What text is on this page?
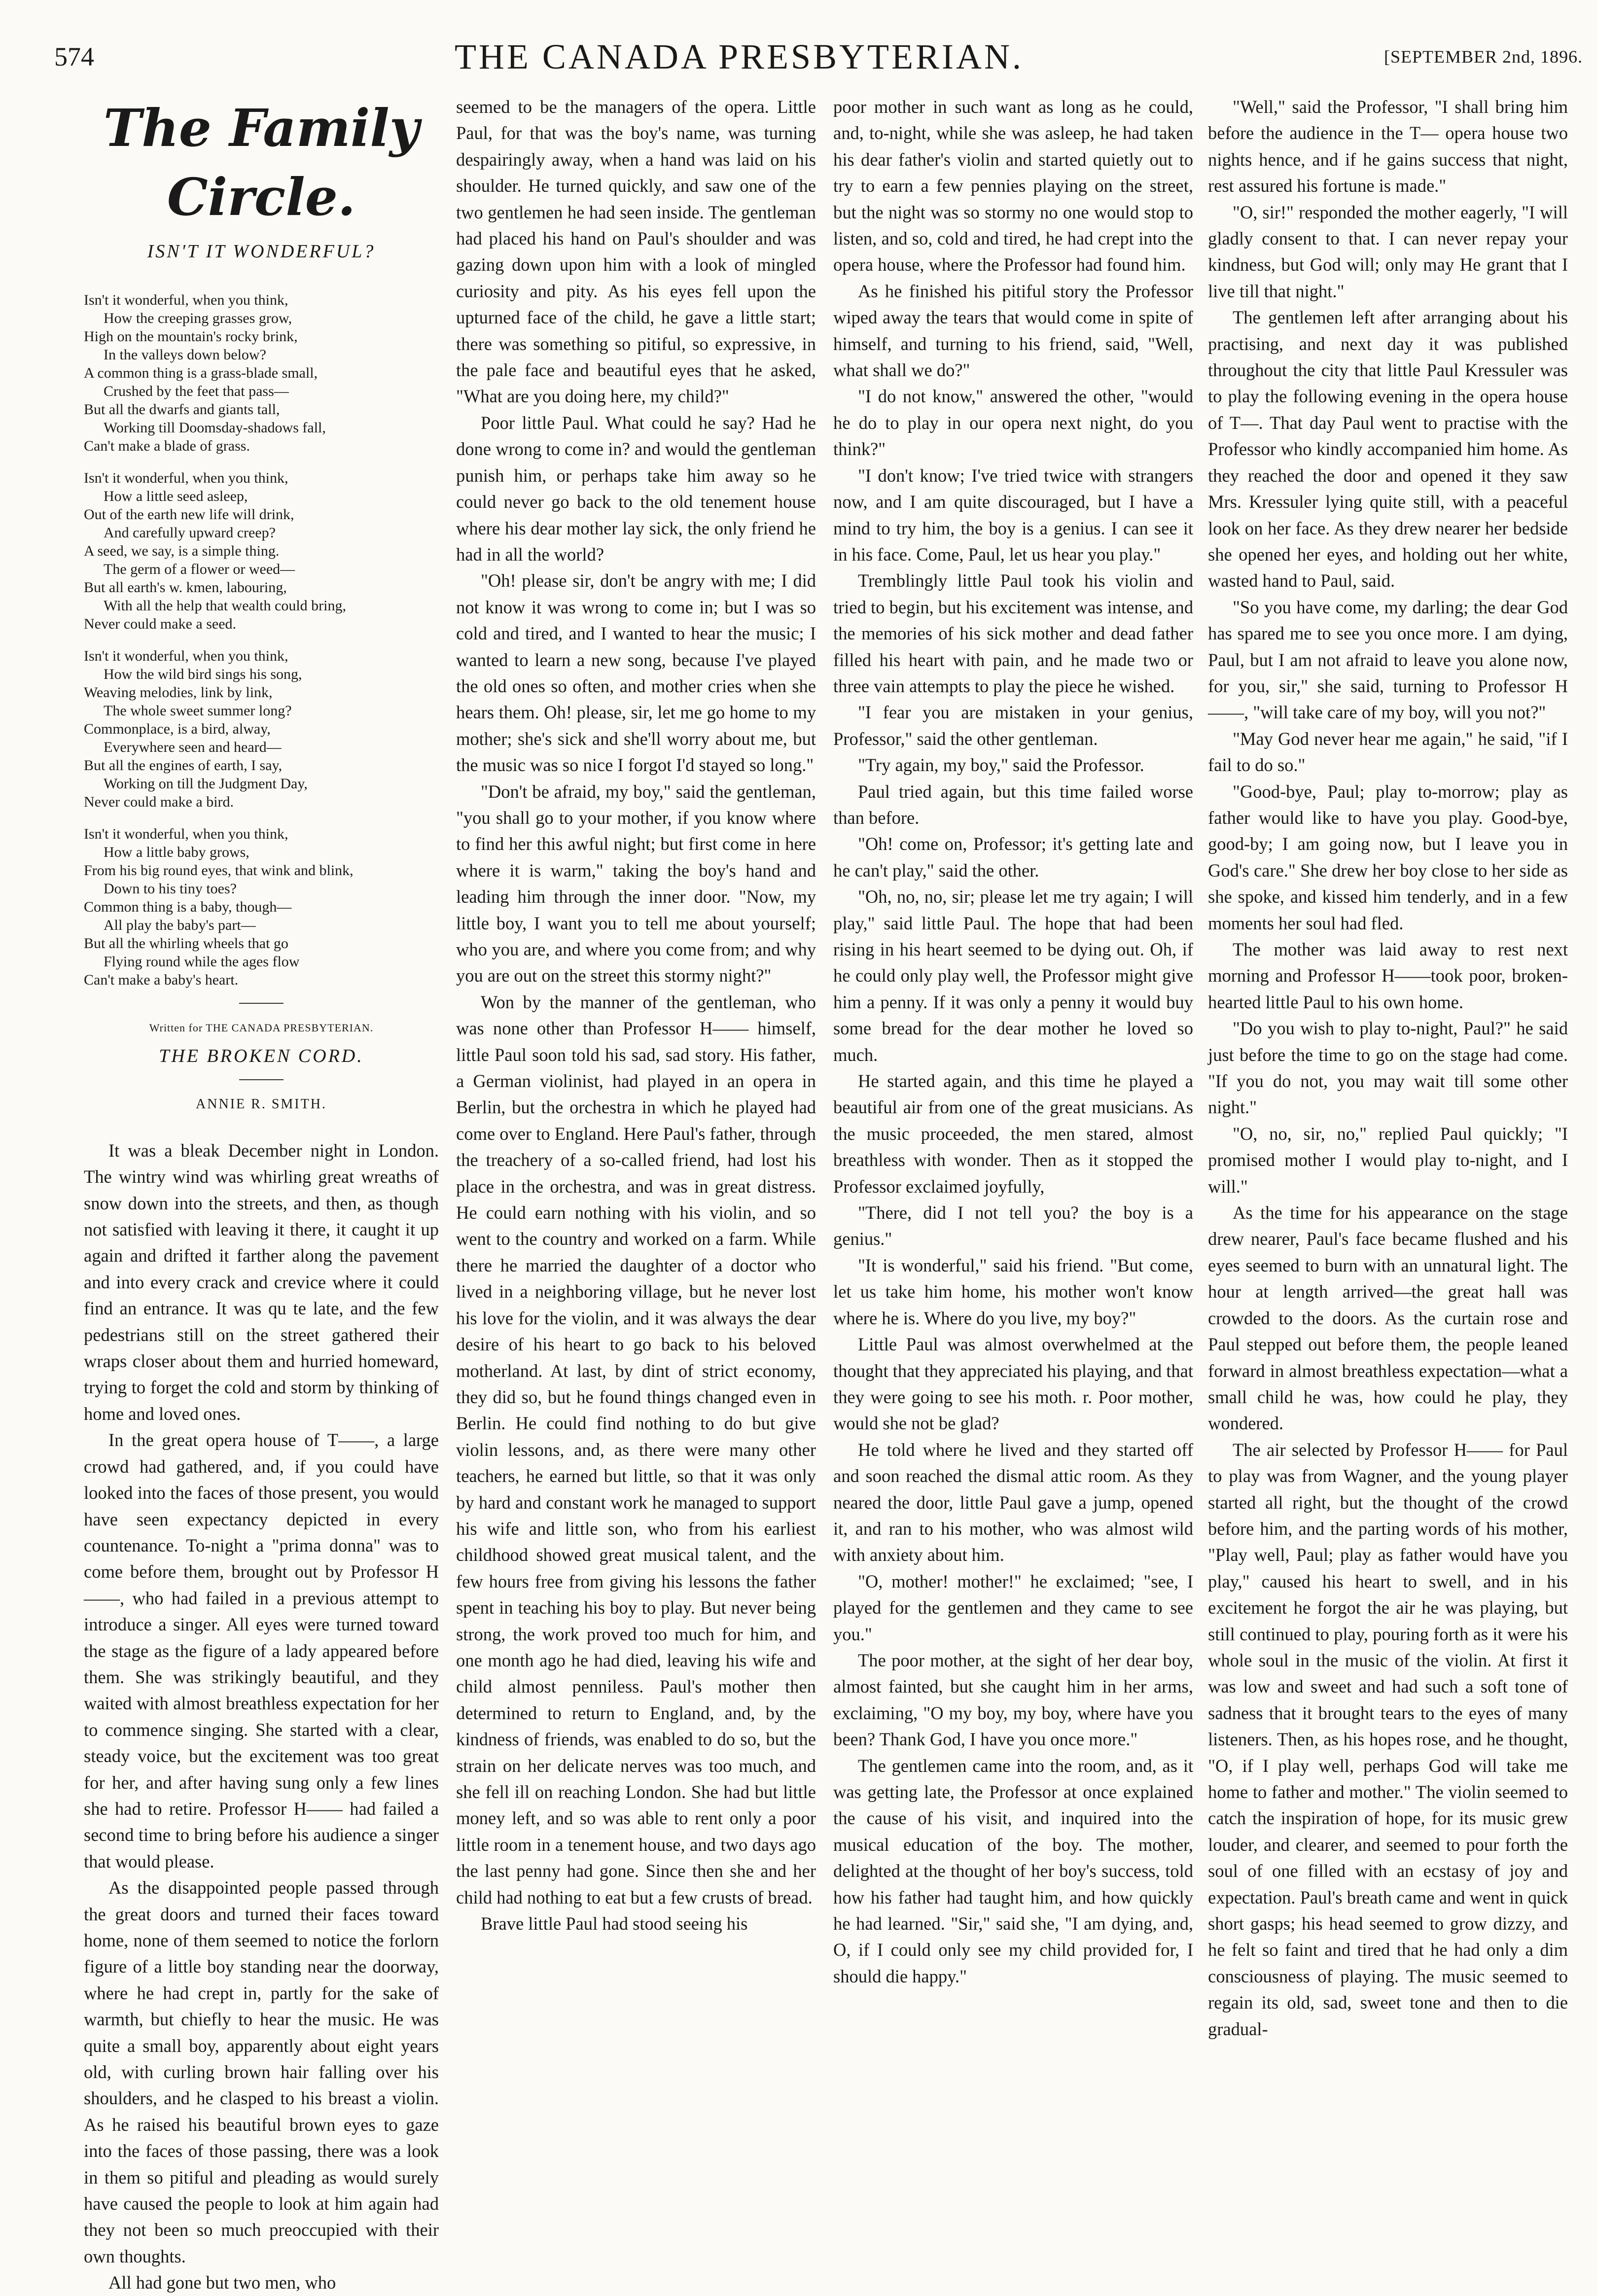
574	THE CANADA PRESBYTERIAN.	[SEPTEMBER 2nd, 1896.
The Family Circle.
ISN'T IT WONDERFUL?
Isn't it wonderful, when you think,
How the creeping grasses grow,
High on the mountain's rocky brink,
In the valleys down below?
A common thing is a grass-blade small,
Crushed by the feet that pass—
But all the dwarfs and giants tall,
Working till Doomsday-shadows fall,
Can't make a blade of grass.
Isn't it wonderful, when you think,
How a little seed asleep,
Out of the earth new life will drink,
And carefully upward creep?
A seed, we say, is a simple thing.
The germ of a flower or weed—
But all earth's w. kmen, labouring,
With all the help that wealth could bring,
Never could make a seed.
Isn't it wonderful, when you think,
How the wild bird sings his song,
Weaving melodies, link by link,
The whole sweet summer long?
Commonplace, is a bird, alway,
Everywhere seen and heard—
But all the engines of earth, I say,
Working on till the Judgment Day,
Never could make a bird.
Isn't it wonderful, when you think,
How a little baby grows,
From his big round eyes, that wink and blink,
Down to his tiny toes?
Common thing is a baby, though—
All play the baby's part—
But all the whirling wheels that go
Flying round while the ages flow
Can't make a baby's heart.
Written for THE CANADA PRESBYTERIAN.
THE BROKEN CORD.
ANNIE R. SMITH.

It was a bleak December night in London. The wintry wind was whirling great wreaths of snow down into the streets, and then, as though not satisfied with leaving it there, it caught it up again and drifted it farther along the pavement and into every crack and crevice where it could find an entrance. It was qu te late, and the few pedestrians still on the street gathered their wraps closer about them and hurried homeward, trying to forget the cold and storm by thinking of home and loved ones.

In the great opera house of T——, a large crowd had gathered, and, if you could have looked into the faces of those present, you would have seen expectancy depicted in every countenance. To-night a "prima donna" was to come before them, brought out by Professor H——, who had failed in a previous attempt to introduce a singer. All eyes were turned toward the stage as the figure of a lady appeared before them. She was strikingly beautiful, and they waited with almost breathless expectation for her to commence singing. She started with a clear, steady voice, but the excitement was too great for her, and after having sung only a few lines she had to retire. Professor H—— had failed a second time to bring before his audience a singer that would please.

As the disappointed people passed through the great doors and turned their faces toward home, none of them seemed to notice the forlorn figure of a little boy standing near the doorway, where he had crept in, partly for the sake of warmth, but chiefly to hear the music. He was quite a small boy, apparently about eight years old, with curling brown hair falling over his shoulders, and he clasped to his breast a violin. As he raised his beautiful brown eyes to gaze into the faces of those passing, there was a look in them so pitiful and pleading as would surely have caused the people to look at him again had they not been so much preoccupied with their own thoughts.

All had gone but two men, who

seemed to be the managers of the opera. Little Paul, for that was the boy's name, was turning despairingly away, when a hand was laid on his shoulder. He turned quickly, and saw one of the two gentlemen he had seen inside. The gentleman had placed his hand on Paul's shoulder and was gazing down upon him with a look of mingled curiosity and pity. As his eyes fell upon the upturned face of the child, he gave a little start; there was something so pitiful, so expressive, in the pale face and beautiful eyes that he asked, "What are you doing here, my child?"

Poor little Paul. What could he say? Had he done wrong to come in? and would the gentleman punish him, or perhaps take him away so he could never go back to the old tenement house where his dear mother lay sick, the only friend he had in all the world?

"Oh! please sir, don't be angry with me; I did not know it was wrong to come in; but I was so cold and tired, and I wanted to hear the music; I wanted to learn a new song, because I've played the old ones so often, and mother cries when she hears them. Oh! please, sir, let me go home to my mother; she's sick and she'll worry about me, but the music was so nice I forgot I'd stayed so long."

"Don't be afraid, my boy," said the gentleman, "you shall go to your mother, if you know where to find her this awful night; but first come in here where it is warm," taking the boy's hand and leading him through the inner door. "Now, my little boy, I want you to tell me about yourself; who you are, and where you come from; and why you are out on the street this stormy night?"

Won by the manner of the gentleman, who was none other than Professor H—— himself, little Paul soon told his sad, sad story. His father, a German violinist, had played in an opera in Berlin, but the orchestra in which he played had come over to England. Here Paul's father, through the treachery of a so-called friend, had lost his place in the orchestra, and was in great distress. He could earn nothing with his violin, and so went to the country and worked on a farm. While there he married the daughter of a doctor who lived in a neighboring village, but he never lost his love for the violin, and it was always the dear desire of his heart to go back to his beloved motherland. At last, by dint of strict economy, they did so, but he found things changed even in Berlin. He could find nothing to do but give violin lessons, and, as there were many other teachers, he earned but little, so that it was only by hard and constant work he managed to support his wife and little son, who from his earliest childhood showed great musical talent, and the few hours free from giving his lessons the father spent in teaching his boy to play. But never being strong, the work proved too much for him, and one month ago he had died, leaving his wife and child almost penniless. Paul's mother then determined to return to England, and, by the kindness of friends, was enabled to do so, but the strain on her delicate nerves was too much, and she fell ill on reaching London. She had but little money left, and so was able to rent only a poor little room in a tenement house, and two days ago the last penny had gone. Since then she and her child had nothing to eat but a few crusts of bread.

Brave little Paul had stood seeing his

poor mother in such want as long as he could, and, to-night, while she was asleep, he had taken his dear father's violin and started quietly out to try to earn a few pennies playing on the street, but the night was so stormy no one would stop to listen, and so, cold and tired, he had crept into the opera house, where the Professor had found him.

As he finished his pitiful story the Professor wiped away the tears that would come in spite of himself, and turning to his friend, said, "Well, what shall we do?"

"I do not know," answered the other, "would he do to play in our opera next night, do you think?"

"I don't know; I've tried twice with strangers now, and I am quite discouraged, but I have a mind to try him, the boy is a genius. I can see it in his face. Come, Paul, let us hear you play."

Tremblingly little Paul took his violin and tried to begin, but his excitement was intense, and the memories of his sick mother and dead father filled his heart with pain, and he made two or three vain attempts to play the piece he wished.

"I fear you are mistaken in your genius, Professor," said the other gentleman.

"Try again, my boy," said the Professor.

Paul tried again, but this time failed worse than before.

"Oh! come on, Professor; it's getting late and he can't play," said the other.

"Oh, no, no, sir; please let me try again; I will play," said little Paul. The hope that had been rising in his heart seemed to be dying out. Oh, if he could only play well, the Professor might give him a penny. If it was only a penny it would buy some bread for the dear mother he loved so much.

He started again, and this time he played a beautiful air from one of the great musicians. As the music proceeded, the men stared, almost breathless with wonder. Then as it stopped the Professor exclaimed joyfully,

"There, did I not tell you? the boy is a genius."

"It is wonderful," said his friend. "But come, let us take him home, his mother won't know where he is. Where do you live, my boy?"

Little Paul was almost overwhelmed at the thought that they appreciated his playing, and that they were going to see his moth. r. Poor mother, would she not be glad?

He told where he lived and they started off and soon reached the dismal attic room. As they neared the door, little Paul gave a jump, opened it, and ran to his mother, who was almost wild with anxiety about him.

"O, mother! mother!" he exclaimed; "see, I played for the gentlemen and they came to see you."

The poor mother, at the sight of her dear boy, almost fainted, but she caught him in her arms, exclaiming, "O my boy, my boy, where have you been? Thank God, I have you once more."

The gentlemen came into the room, and, as it was getting late, the Professor at once explained the cause of his visit, and inquired into the musical education of the boy. The mother, delighted at the thought of her boy's success, told how his father had taught him, and how quickly he had learned. "Sir," said she, "I am dying, and, O, if I could only see my child provided for, I should die happy."

"Well," said the Professor, "I shall bring him before the audience in the T— opera house two nights hence, and if he gains success that night, rest assured his fortune is made."

"O, sir!" responded the mother eagerly, "I will gladly consent to that. I can never repay your kindness, but God will; only may He grant that I live till that night."

The gentlemen left after arranging about his practising, and next day it was published throughout the city that little Paul Kressuler was to play the following evening in the opera house of T—. That day Paul went to practise with the Professor who kindly accompanied him home. As they reached the door and opened it they saw Mrs. Kressuler lying quite still, with a peaceful look on her face. As they drew nearer her bedside she opened her eyes, and holding out her white, wasted hand to Paul, said.

"So you have come, my darling; the dear God has spared me to see you once more. I am dying, Paul, but I am not afraid to leave you alone now, for you, sir," she said, turning to Professor H——, "will take care of my boy, will you not?"

"May God never hear me again," he said, "if I fail to do so."

"Good-bye, Paul; play to-morrow; play as father would like to have you play. Good-bye, good-by; I am going now, but I leave you in God's care." She drew her boy close to her side as she spoke, and kissed him tenderly, and in a few moments her soul had fled.

The mother was laid away to rest next morning and Professor H——took poor, broken-hearted little Paul to his own home.

"Do you wish to play to-night, Paul?" he said just before the time to go on the stage had come. "If you do not, you may wait till some other night."

"O, no, sir, no," replied Paul quickly; "I promised mother I would play to-night, and I will."

As the time for his appearance on the stage drew nearer, Paul's face became flushed and his eyes seemed to burn with an unnatural light. The hour at length arrived—the great hall was crowded to the doors. As the curtain rose and Paul stepped out before them, the people leaned forward in almost breathless expectation—what a small child he was, how could he play, they wondered.

The air selected by Professor H—— for Paul to play was from Wagner, and the young player started all right, but the thought of the crowd before him, and the parting words of his mother, "Play well, Paul; play as father would have you play," caused his heart to swell, and in his excitement he forgot the air he was playing, but still continued to play, pouring forth as it were his whole soul in the music of the violin. At first it was low and sweet and had such a soft tone of sadness that it brought tears to the eyes of many listeners. Then, as his hopes rose, and he thought, "O, if I play well, perhaps God will take me home to father and mother." The violin seemed to catch the inspiration of hope, for its music grew louder, and clearer, and seemed to pour forth the soul of one filled with an ecstasy of joy and expectation. Paul's breath came and went in quick short gasps; his head seemed to grow dizzy, and he felt so faint and tired that he had only a dim consciousness of playing. The music seemed to regain its old, sad, sweet tone and then to die gradual-
